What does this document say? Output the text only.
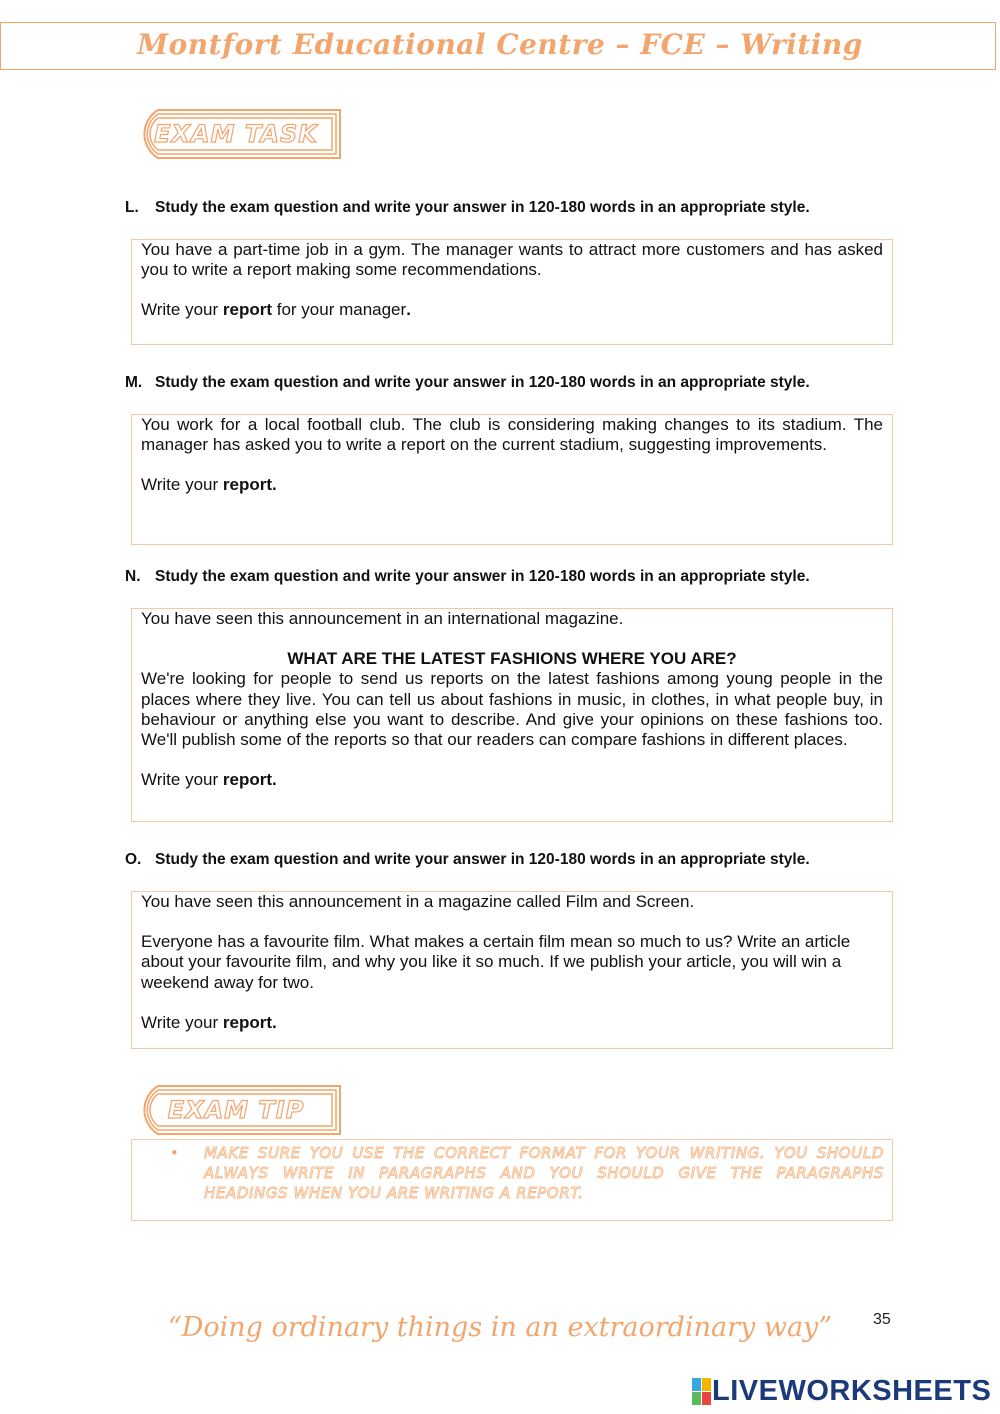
Montfort Educational Centre – FCE – Writing
EXAM TASK
L. Study the exam question and write your answer in 120-180 words in an appropriate style.

You have a part-time job in a gym. The manager wants to attract more customers and has asked you to write a report making some recommendations.

Write your report for your manager.

M. Study the exam question and write your answer in 120-180 words in an appropriate style.

You work for a local football club. The club is considering making changes to its stadium. The manager has asked you to write a report on the current stadium, suggesting improvements.

Write your report.

N. Study the exam question and write your answer in 120-180 words in an appropriate style.

You have seen this announcement in an international magazine.

WHAT ARE THE LATEST FASHIONS WHERE YOU ARE?

We're looking for people to send us reports on the latest fashions among young people in the places where they live. You can tell us about fashions in music, in clothes, in what people buy, in behaviour or anything else you want to describe. And give your opinions on these fashions too. We'll publish some of the reports so that our readers can compare fashions in different places.

Write your report.

O. Study the exam question and write your answer in 120-180 words in an appropriate style.

You have seen this announcement in a magazine called Film and Screen.

Everyone has a favourite film. What makes a certain film mean so much to us? Write an article about your favourite film, and why you like it so much. If we publish your article, you will win a weekend away for two.

Write your report.

EXAM TIP
•	MAKE SURE YOU USE THE CORRECT FORMAT FOR YOUR WRITING. YOU SHOULD ALWAYS WRITE IN PARAGRAPHS AND YOU SHOULD GIVE THE PARAGRAPHS HEADINGS WHEN YOU ARE WRITING A REPORT.

“Doing ordinary things in an extraordinary way”	35
LIVEWORKSHEETS
